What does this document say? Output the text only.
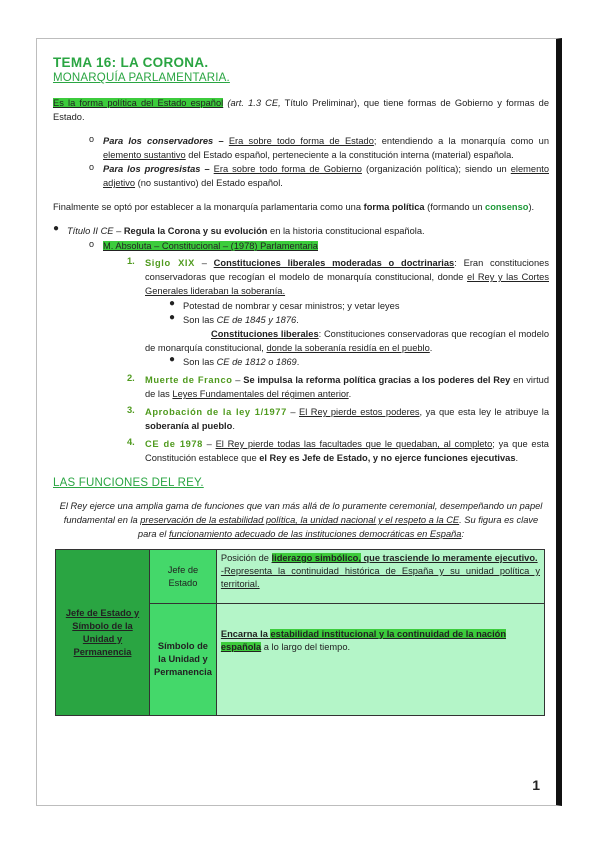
TEMA 16: LA CORONA.
MONARQUÍA PARLAMENTARIA.

Es la forma política del Estado español (art. 1.3 CE, Título Preliminar), que tiene formas de Gobierno y formas de Estado.

o Para los conservadores – Era sobre todo forma de Estado; entendiendo a la monarquía como un elemento sustantivo del Estado español, perteneciente a la constitución interna (material) española.

o Para los progresistas – Era sobre todo forma de Gobierno (organización política); siendo un elemento adjetivo (no sustantivo) del Estado español.

Finalmente se optó por establecer a la monarquía parlamentaria como una forma política (formando un consenso).

● Título II CE – Regula la Corona y su evolución en la historia constitucional española.

o M. Absoluta – Constitucional – (1978) Parlamentaria

1. Siglo XIX – Constituciones liberales moderadas o doctrinarias: Eran constituciones conservadoras que recogían el modelo de monarquía constitucional, donde el Rey y las Cortes Generales lideraban la soberanía.

● Potestad de nombrar y cesar ministros; y vetar leyes

● Son las CE de 1845 y 1876.

Constituciones liberales: Constituciones conservadoras que recogían el modelo de monarquía constitucional, donde la soberanía residía en el pueblo.

● Son las CE de 1812 o 1869.

2. Muerte de Franco – Se impulsa la reforma política gracias a los poderes del Rey en virtud de las Leyes Fundamentales del régimen anterior.

3. Aprobación de la ley 1/1977 – El Rey pierde estos poderes, ya que esta ley le atribuye la soberanía al pueblo.

4. CE de 1978 – El Rey pierde todas las facultades que le quedaban, al completo; ya que esta Constitución establece que el Rey es Jefe de Estado, y no ejerce funciones ejecutivas.

LAS FUNCIONES DEL REY.

El Rey ejerce una amplia gama de funciones que van más allá de lo puramente ceremonial, desempeñando un papel fundamental en la preservación de la estabilidad política, la unidad nacional y el respeto a la CE. Su figura es clave para el funcionamiento adecuado de las instituciones democráticas en España:

Jefe de Estado y Símbolo de la Unidad y Permanencia	Jefe de Estado	Posición de liderazgo simbólico, que trasciende lo meramente ejecutivo.
-Representa la continuidad histórica de España y su unidad política y territorial.
	Símbolo de la Unidad y Permanencia	Encarna la estabilidad institucional y la continuidad de la nación española a lo largo del tiempo.
1
